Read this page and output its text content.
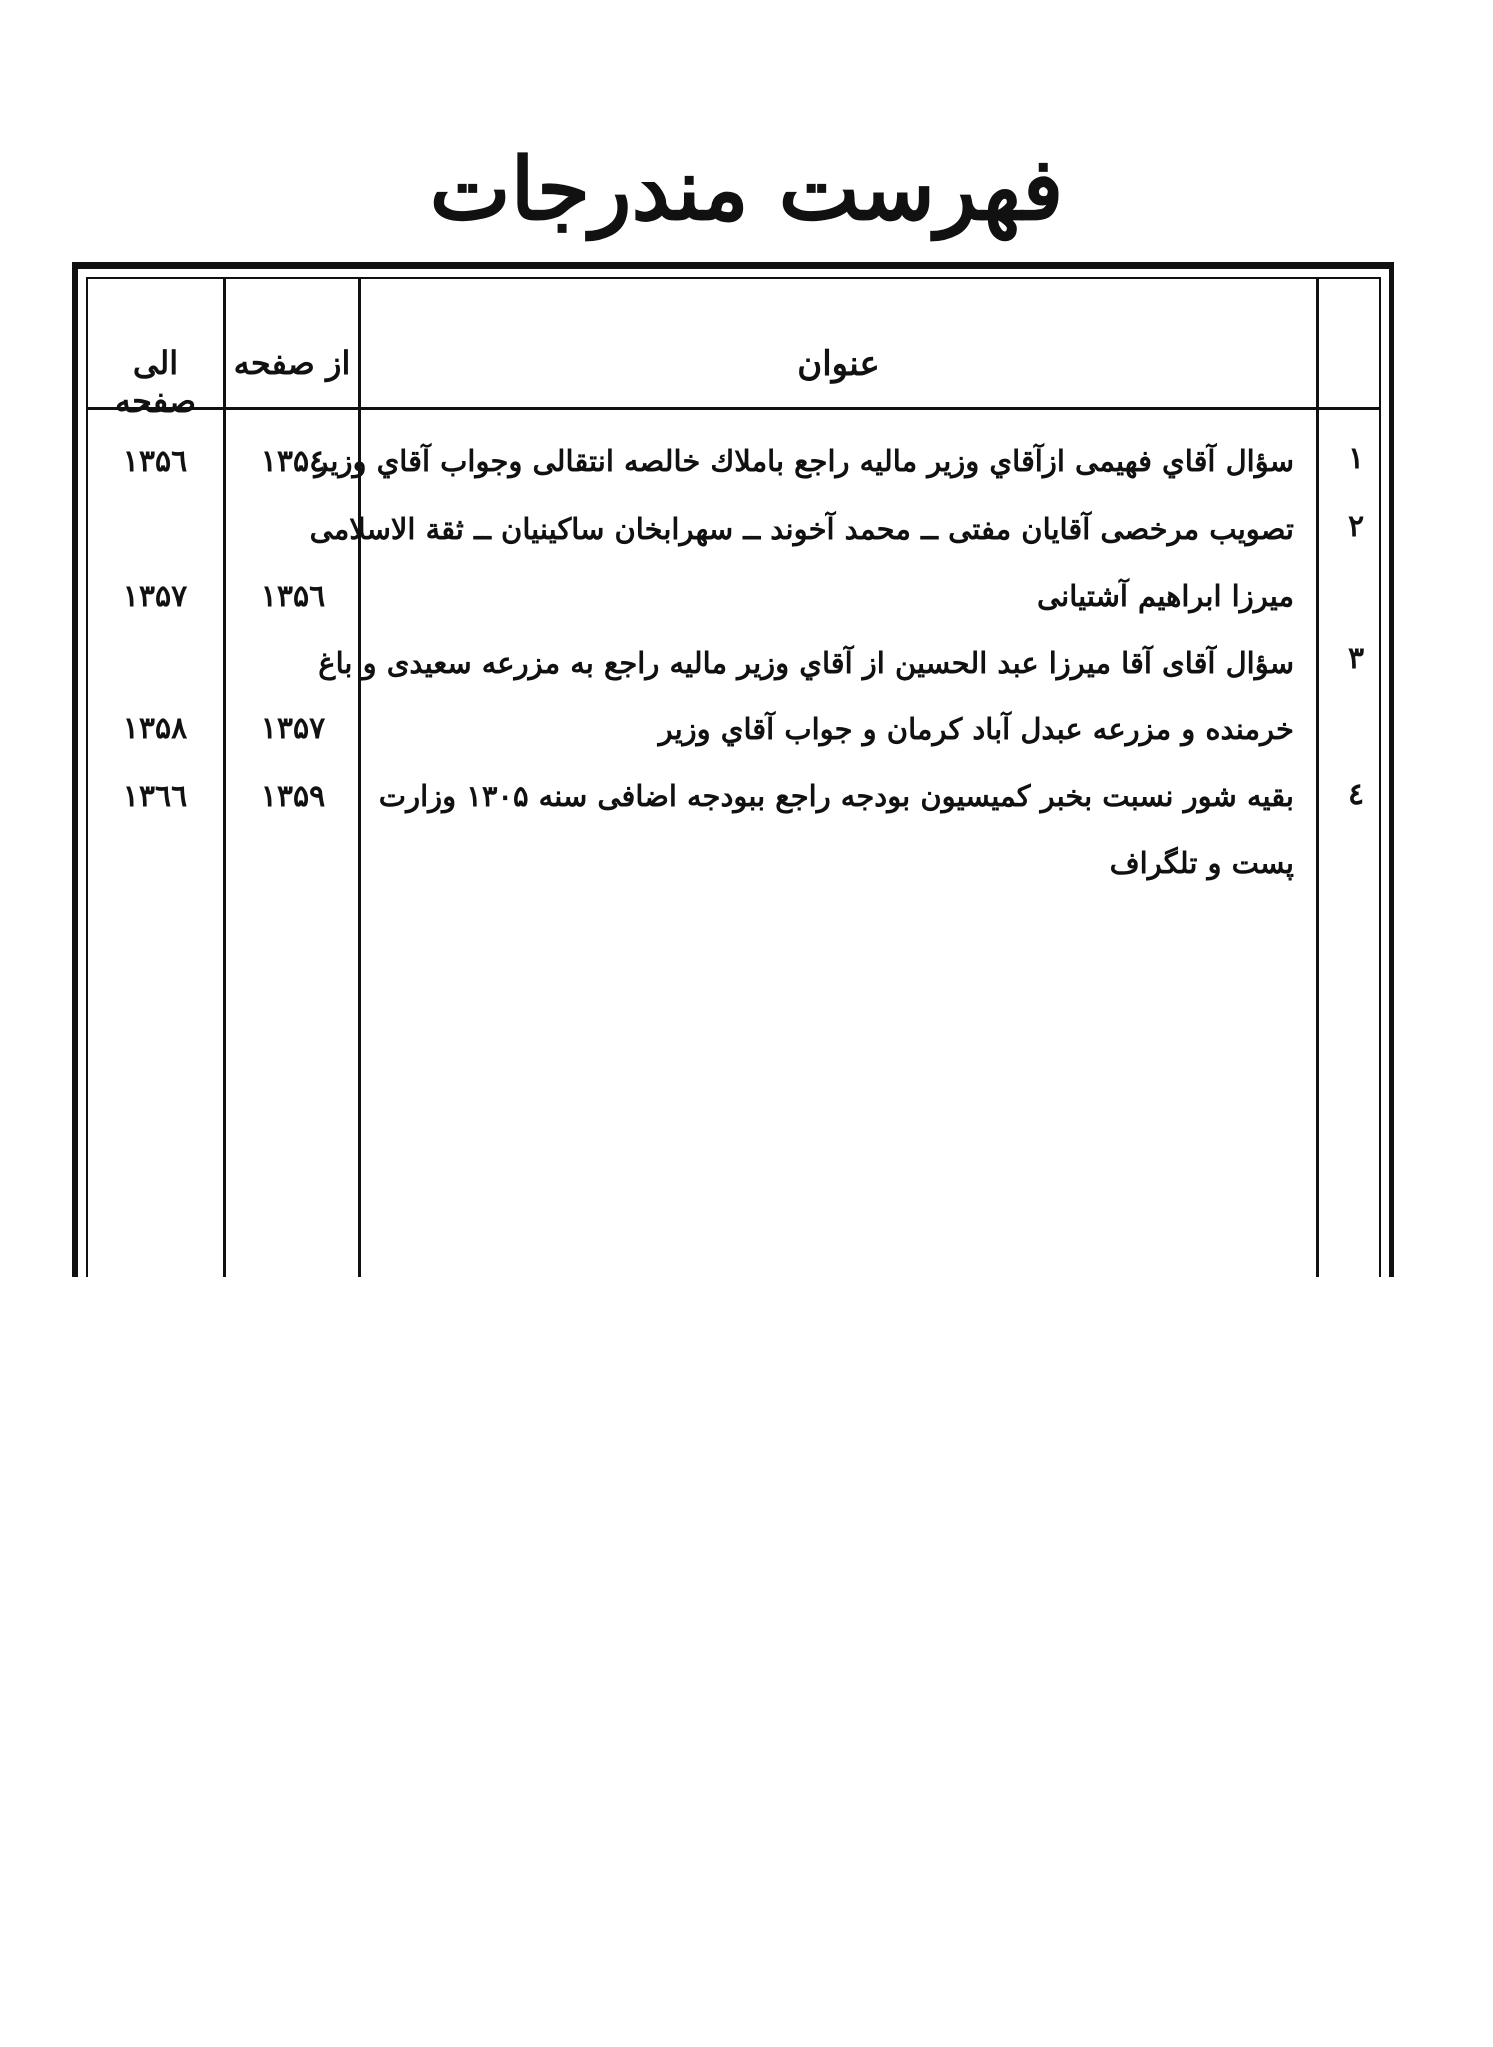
فهرست مندرجات
الی صفحه
از صفحه	عنوان
۱
سؤال آقاي فهيمی ازآقاي وزير ماليه راجع باملاك خالصه انتقالی وجواب آقاي وزير
۱۳۵٤
۱۳۵٦
۲
تصويب مرخصی آقايان مفتی ــ محمد آخوند ــ سهرابخان ساكينيان ــ ثقة الاسلامی
ميرزا ابراهيم آشتيانی
۱۳۵٦
۱۳۵۷
۳
سؤال آقای آقا ميرزا عبد الحسين از آقاي وزير ماليه راجع به مزرعه سعيدی و باغ
خرمنده و مزرعه عبدل آباد كرمان و جواب آقاي وزير
۱۳۵۷
۱۳۵۸
٤
بقيه شور نسبت بخبر كميسيون بودجه راجع ببودجه اضافی سنه ۱۳۰۵ وزارت
پست و تلگراف
۱۳۵۹
۱۳٦٦
